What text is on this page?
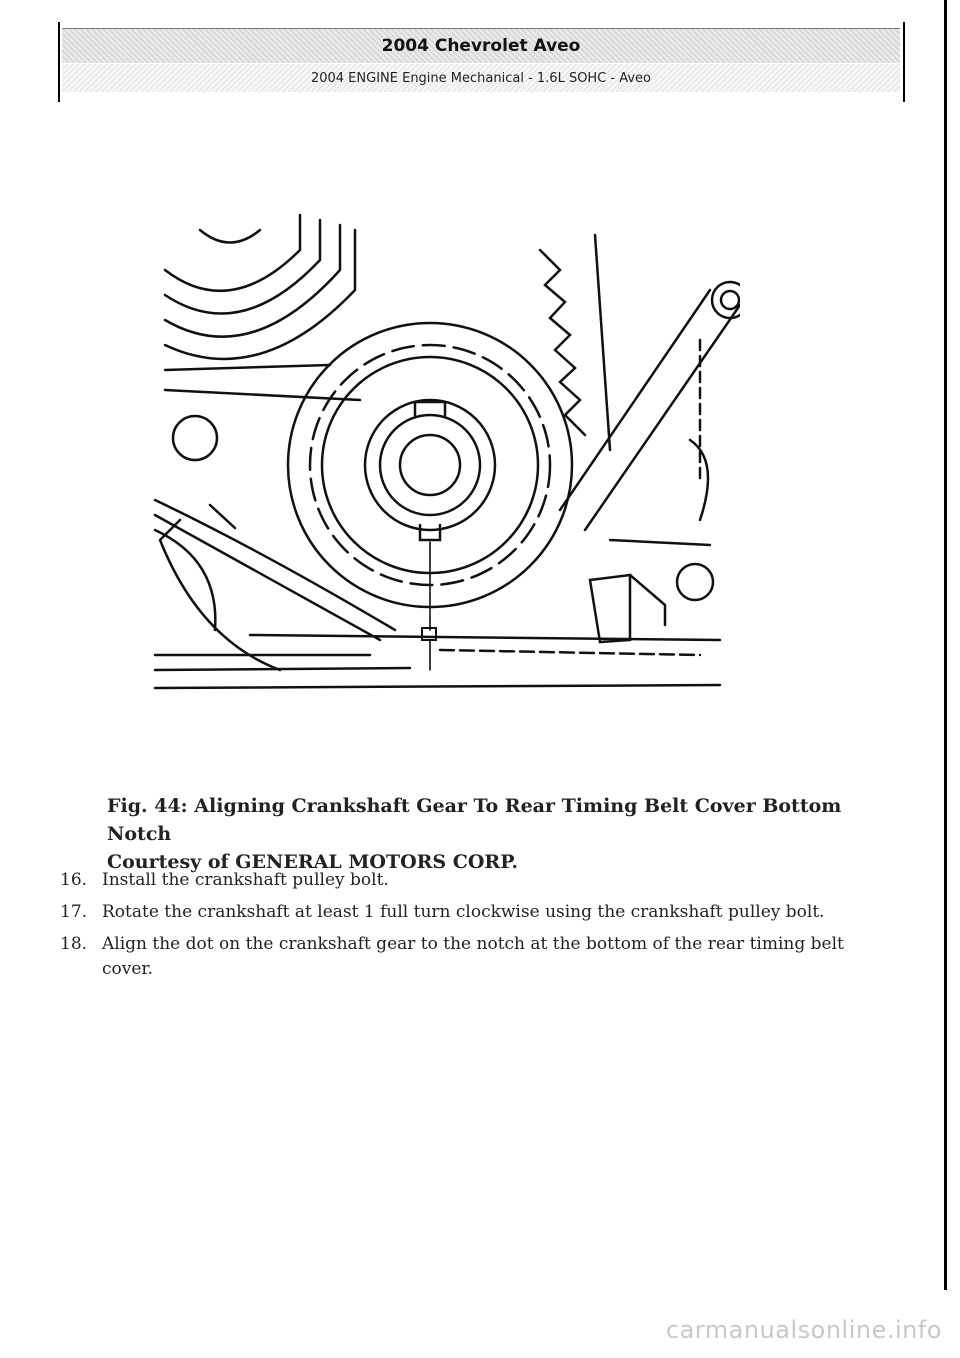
2004 Chevrolet Aveo
2004 ENGINE Engine Mechanical - 1.6L SOHC - Aveo
Fig. 44: Aligning Crankshaft Gear To Rear Timing Belt Cover Bottom Notch
Courtesy of GENERAL MOTORS CORP.
16. Install the crankshaft pulley bolt.
17. Rotate the crankshaft at least 1 full turn clockwise using the crankshaft pulley bolt.
18. Align the dot on the crankshaft gear to the notch at the bottom of the rear timing belt cover.
carmanualsonline.info
